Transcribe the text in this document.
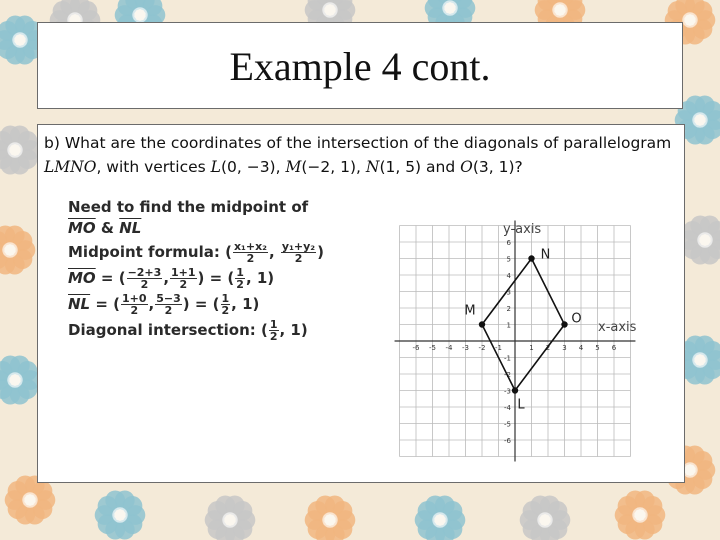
Example 4 cont.
b) What are the coordinates of the intersection of the diagonals of parallelogram LMNO, with vertices L(0, −3), M(−2, 1), N(1, 5) and O(3, 1)?
Need to find the midpoint of
$\overline{MO}$ & $\overline{NL}$
Midpoint formula: ( $\frac{\text{x₁+x₂}}{2}$ , $\frac{\text{y₁+y₂}}{2}$ )
$\overline{MO}$ = ( $\frac{-2+3}{2}$ , $\frac{1+1}{2}$ ) = ( $\frac{1}{2}$ , 1)
$\overline{NL}$ = ( $\frac{1+0}{2}$ , $\frac{5-3}{2}$ ) = ( $\frac{1}{2}$ , 1)
Diagonal intersection: ( $\frac{1}{2}$ , 1)
y-axis
x-axis
-6 -5 -4 -3 -2 -1	1 2 3 4 5 6
6
5
4
3
2
1
-1
-2
-3
-4
-5
-6
N
M
O
L
